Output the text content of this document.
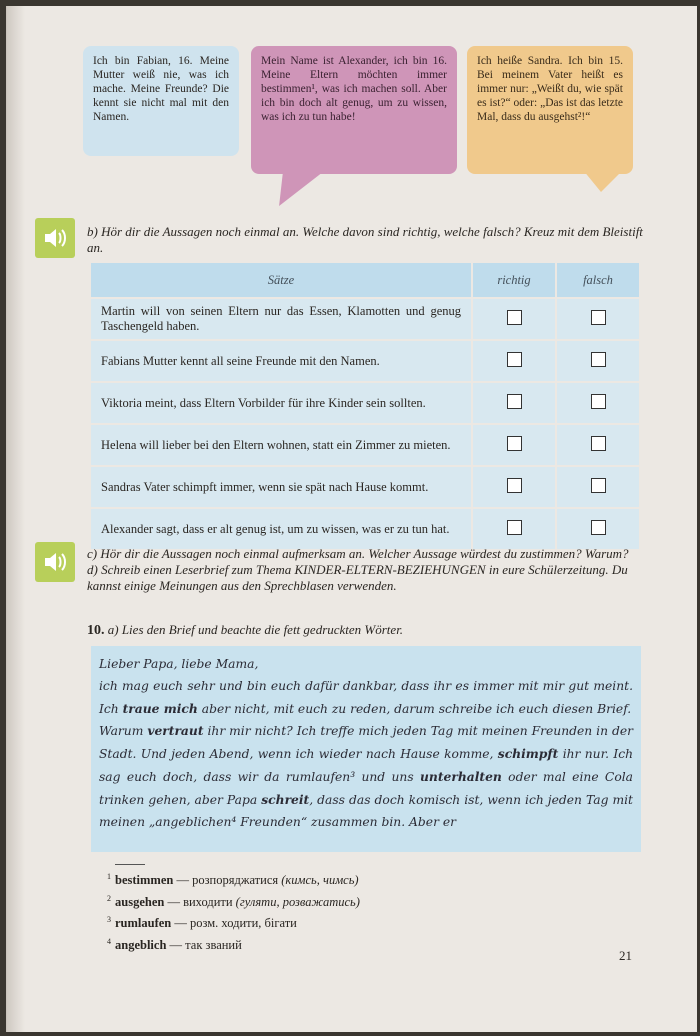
Ich bin Fabian, 16. Meine Mutter weiß nie, was ich mache. Meine Freunde? Die kennt sie nicht mal mit den Namen.
Mein Name ist Alexander, ich bin 16. Meine Eltern möchten immer bestimmen¹, was ich machen soll. Aber ich bin doch alt genug, um zu wissen, was ich zu tun habe!
Ich heiße Sandra. Ich bin 15. Bei meinem Vater heißt es immer nur: „Weißt du, wie spät es ist?“ oder: „Das ist das letzte Mal, dass du ausgehst²!“
b) Hör dir die Aussagen noch einmal an. Welche davon sind richtig, welche falsch? Kreuz mit dem Bleistift an.
Sätze	richtig	falsch
Martin will von seinen Eltern nur das Essen, Klamotten und genug Taschengeld haben.		
Fabians Mutter kennt all seine Freunde mit den Namen.		
Viktoria meint, dass Eltern Vorbilder für ihre Kinder sein sollten.		
Helena will lieber bei den Eltern wohnen, statt ein Zimmer zu mieten.		
Sandras Vater schimpft immer, wenn sie spät nach Hause kommt.		
Alexander sagt, dass er alt genug ist, um zu wissen, was er zu tun hat.		
c) Hör dir die Aussagen noch einmal aufmerksam an. Welcher Aussage würdest du zustimmen? Warum?
d) Schreib einen Leserbrief zum Thema KINDER-ELTERN-BEZIEHUNGEN in eure Schülerzeitung. Du kannst einige Meinungen aus den Sprechblasen verwenden.
10. a) Lies den Brief und beachte die fett gedruckten Wörter.
Lieber Papa, liebe Mama,
ich mag euch sehr und bin euch dafür dankbar, dass ihr es immer mit mir gut meint. Ich traue mich aber nicht, mit euch zu reden, darum schreibe ich euch diesen Brief.
Warum vertraut ihr mir nicht? Ich treffe mich jeden Tag mit meinen Freunden in der Stadt. Und jeden Abend, wenn ich wieder nach Hause komme, schimpft ihr nur. Ich sag euch doch, dass wir da rumlaufen³ und uns unterhalten oder mal eine Cola trinken gehen, aber Papa schreit, dass das doch komisch ist, wenn ich jeden Tag mit meinen „angeblichen⁴ Freunden“ zusammen bin. Aber er
$^1$ bestimmen — розпоряджатися (кимсь, чимсь)
$^2$ ausgehen — виходити (гуляти, розважатись)
$^3$ rumlaufen — розм. ходити, бігати
$^4$ angeblich — так званий
21
